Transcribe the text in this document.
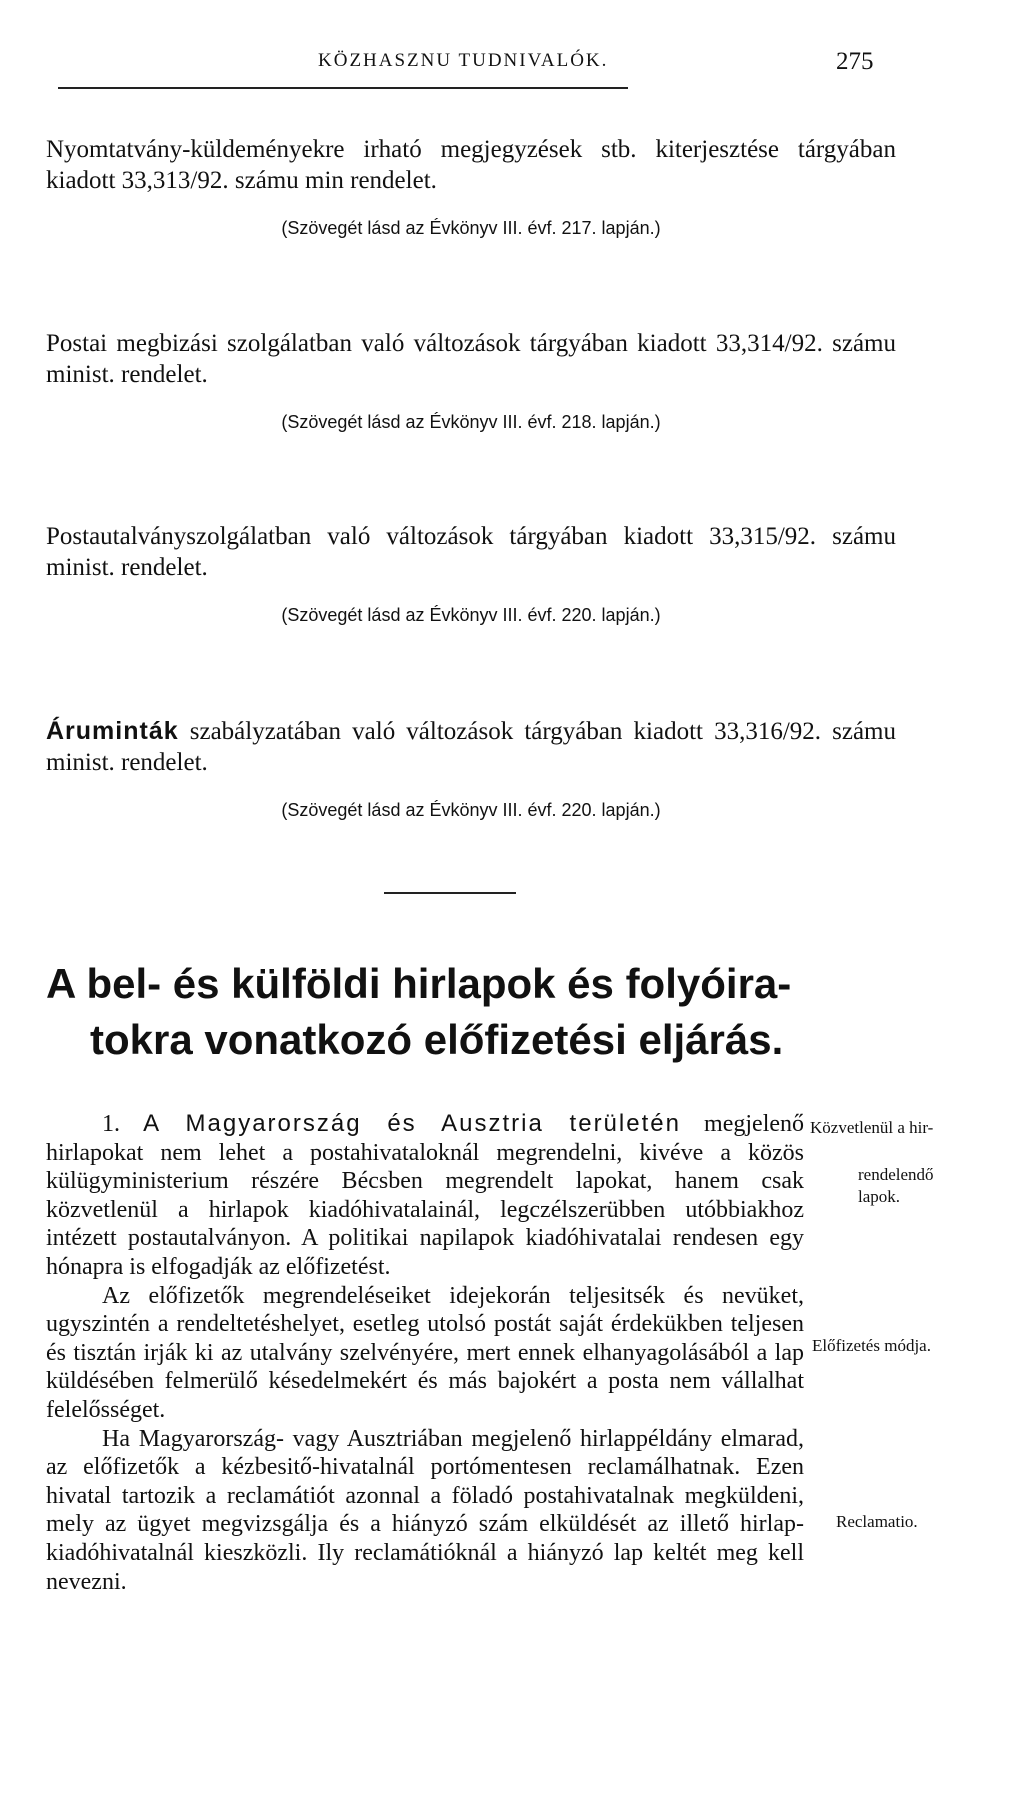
KÖZHASZNU TUDNIVALÓK.	275

Nyomtatvány-küldeményekre irható megjegyzések stb. kiterjesztése tárgyában kiadott 33,313/92. számu min rendelet.

(Szövegét lásd az Évkönyv III. évf. 217. lapján.)

Postai megbizási szolgálatban való változások tárgyában kiadott 33,314/92. számu minist. rendelet.

(Szövegét lásd az Évkönyv III. évf. 218. lapján.)

Postautalványszolgálatban való változások tárgyában kiadott 33,315/92. számu minist. rendelet.

(Szövegét lásd az Évkönyv III. évf. 220. lapján.)

Áruminták szabályzatában való változások tárgyában kiadott 33,316/92. számu minist. rendelet.

(Szövegét lásd az Évkönyv III. évf. 220. lapján.)

A bel- és külföldi hirlapok és folyóira-
tokra vonatkozó előfizetési eljárás.

1. A Magyarország és Ausztria területén megjelenő hirlapokat nem lehet a postahivataloknál megrendelni, kivéve a közös külügyministerium részére Bécsben megrendelt lapokat, hanem csak közvetlenül a hirlapok kiadóhivatalainál, legczélszerübben utóbbiakhoz intézett postautalványon. A politikai napilapok kiadóhivatalai rendesen egy hónapra is elfogadják az előfizetést.

Az előfizetők megrendeléseiket idejekorán teljesitsék és nevüket, ugyszintén a rendeltetéshelyet, esetleg utolsó postát saját érdekükben teljesen és tisztán irják ki az utalvány szelvényére, mert ennek elhanyagolásából a lap küldésében felmerülő késedelmekért és más bajokért a posta nem vállalhat felelősséget.

Ha Magyarország- vagy Ausztriában megjelenő hirlappéldány elmarad, az előfizetők a kézbesitő-hivatalnál portómentesen reclamálhatnak. Ezen hivatal tartozik a reclamátiót azonnal a föladó postahivatalnak megküldeni, mely az ügyet megvizsgálja és a hiányzó szám elküldését az illető hirlap-kiadóhivatalnál kieszközli. Ily reclamátióknál a hiányzó lap keltét meg kell nevezni.

Közvetlenül a hir-
rendelendő
lapok.
Előfizetés módja.
Reclamatio.
